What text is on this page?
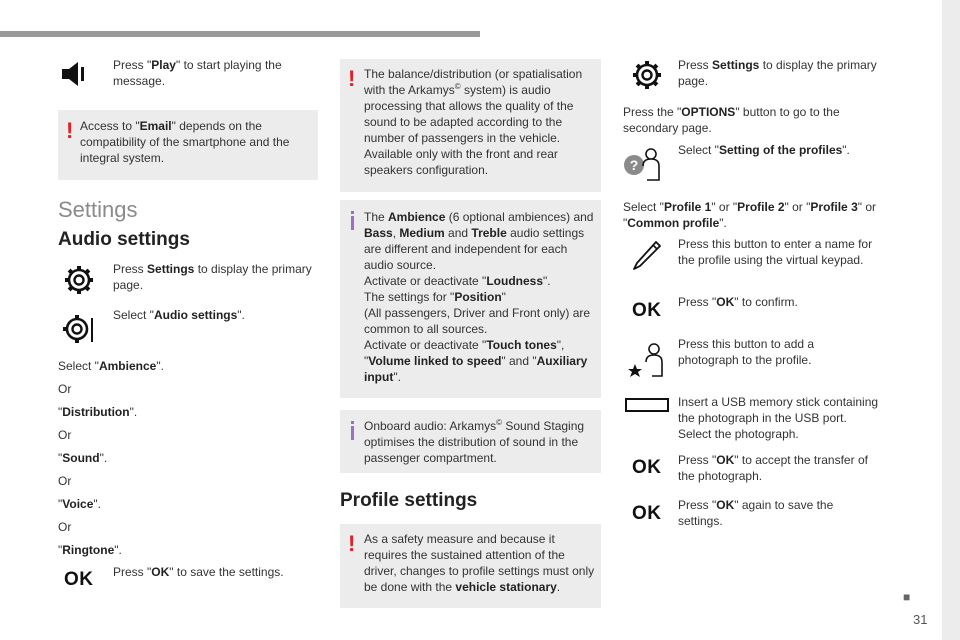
Press "Play" to start playing the message.
! Access to "Email" depends on the compatibility of the smartphone and the integral system.
Settings
Audio settings
Press Settings to display the primary page.
Select "Audio settings".
Select "Ambience".
Or
"Distribution".
Or
"Sound".
Or
"Voice".
Or
"Ringtone".
OK Press "OK" to save the settings.
! The balance/distribution (or spatialisation with the Arkamys© system) is audio processing that allows the quality of the sound to be adapted according to the number of passengers in the vehicle.
Available only with the front and rear speakers configuration.
The Ambience (6 optional ambiences) and Bass, Medium and Treble audio settings are different and independent for each audio source.
Activate or deactivate "Loudness".
The settings for "Position"
(All passengers, Driver and Front only) are common to all sources.
Activate or deactivate "Touch tones", "Volume linked to speed" and "Auxiliary input".
Onboard audio: Arkamys© Sound Staging optimises the distribution of sound in the passenger compartment.
Profile settings
! As a safety measure and because it requires the sustained attention of the driver, changes to profile settings must only be done with the vehicle stationary.
Press Settings to display the primary page.
Press the "OPTIONS" button to go to the secondary page.
?
Select "Setting of the profiles".
Select "Profile 1" or "Profile 2" or "Profile 3" or "Common profile".
Press this button to enter a name for the profile using the virtual keypad.
OK Press "OK" to confirm.
Press this button to add a photograph to the profile.
Insert a USB memory stick containing the photograph in the USB port.
Select the photograph.
OK Press "OK" to accept the transfer of the photograph.
OK Press "OK" again to save the settings.
■
31
